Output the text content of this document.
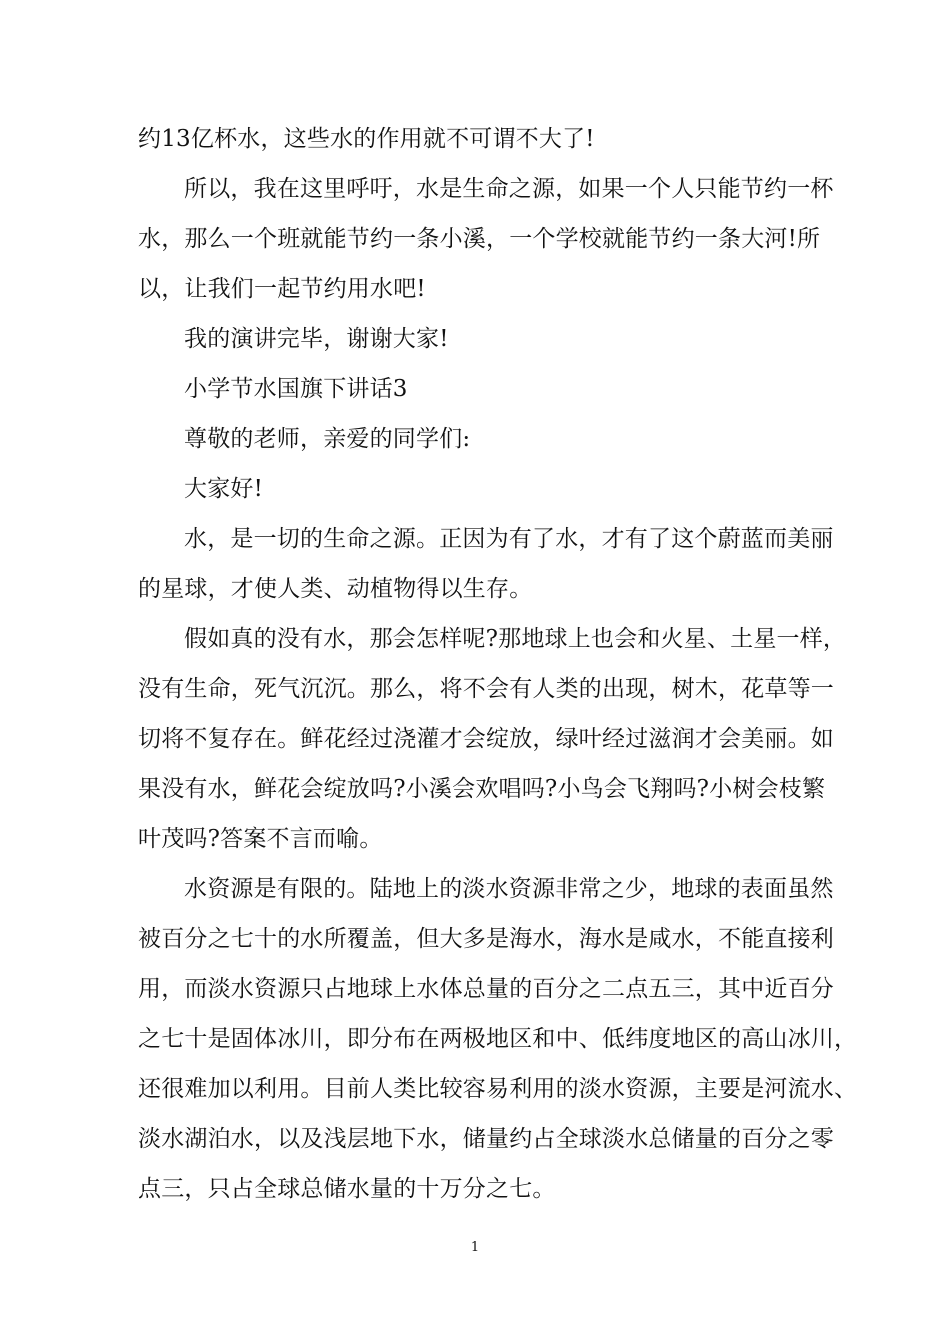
约13亿杯水，这些水的作用就不可谓不大了!
所以，我在这里呼吁，水是生命之源，如果一个人只能节约一杯
水，那么一个班就能节约一条小溪，一个学校就能节约一条大河!所
以，让我们一起节约用水吧!
我的演讲完毕，谢谢大家!
小学节水国旗下讲话3
尊敬的老师，亲爱的同学们:
大家好!
水，是一切的生命之源。正因为有了水，才有了这个蔚蓝而美丽
的星球，才使人类、动植物得以生存。
假如真的没有水，那会怎样呢?那地球上也会和火星、土星一样，
没有生命，死气沉沉。那么，将不会有人类的出现，树木，花草等一
切将不复存在。鲜花经过浇灌才会绽放，绿叶经过滋润才会美丽。如
果没有水，鲜花会绽放吗?小溪会欢唱吗?小鸟会飞翔吗?小树会枝繁
叶茂吗?答案不言而喻。
水资源是有限的。陆地上的淡水资源非常之少，地球的表面虽然
被百分之七十的水所覆盖，但大多是海水，海水是咸水，不能直接利
用，而淡水资源只占地球上水体总量的百分之二点五三，其中近百分
之七十是固体冰川，即分布在两极地区和中、低纬度地区的高山冰川，
还很难加以利用。目前人类比较容易利用的淡水资源，主要是河流水、
淡水湖泊水，以及浅层地下水，储量约占全球淡水总储量的百分之零
点三，只占全球总储水量的十万分之七。
1
